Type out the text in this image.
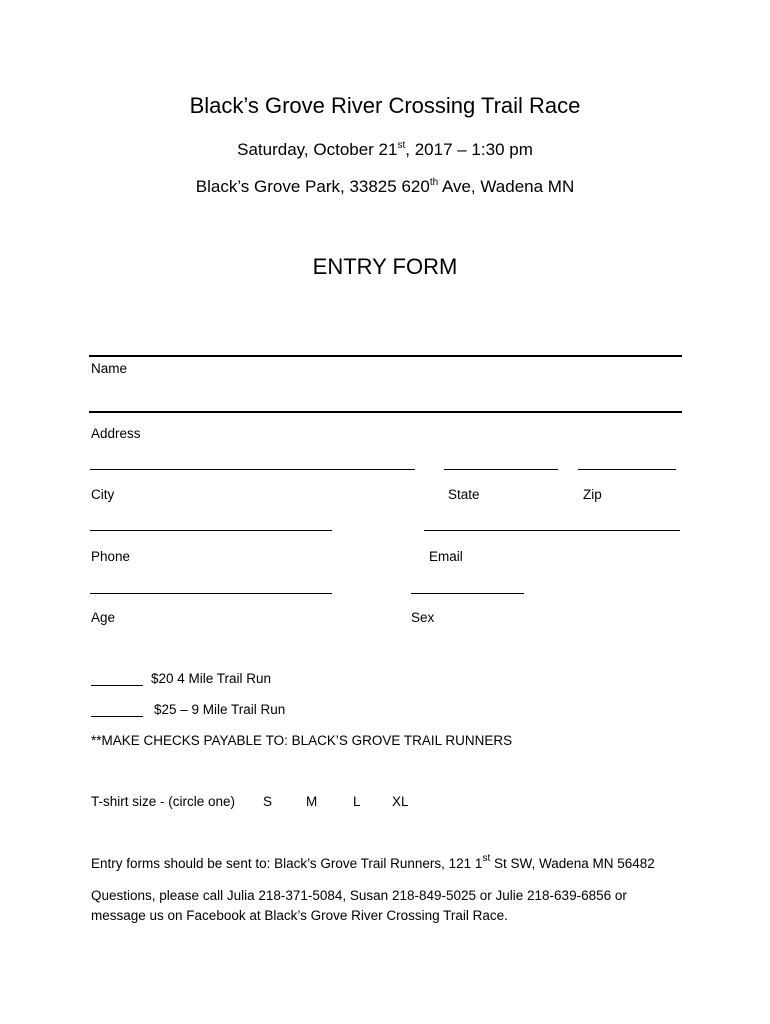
Black’s Grove River Crossing Trail Race
Saturday, October 21st, 2017 – 1:30 pm
Black’s Grove Park, 33825 620th Ave, Wadena MN
ENTRY FORM
Name
Address
City	State	Zip
Phone	Email
Age	Sex
$20 4 Mile Trail Run
$25 – 9 Mile Trail Run
**MAKE CHECKS PAYABLE TO: BLACK’S GROVE TRAIL RUNNERS
T-shirt size - (circle one) S	M	L XL
Entry forms should be sent to: Black’s Grove Trail Runners, 121 1st St SW, Wadena MN 56482
Questions, please call Julia 218-371-5084, Susan 218-849-5025 or Julie 218-639-6856 or
message us on Facebook at Black’s Grove River Crossing Trail Race.
